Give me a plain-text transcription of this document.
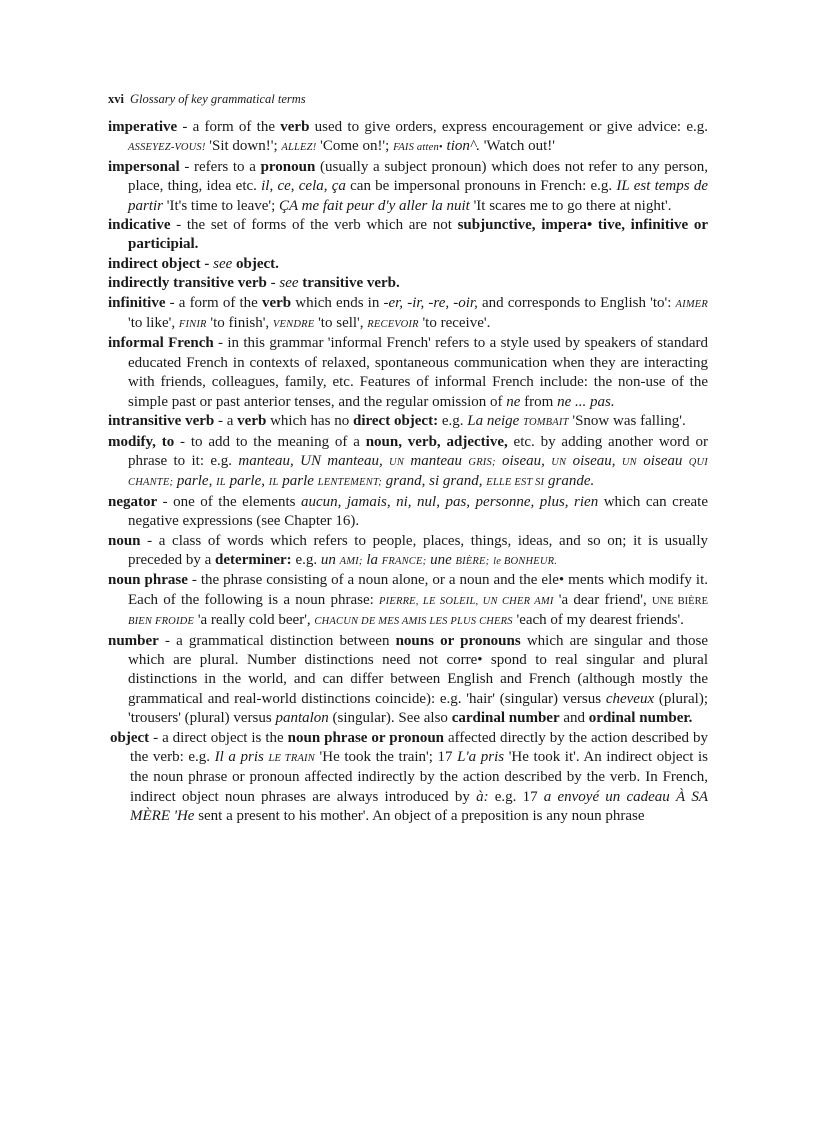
xvi Glossary of key grammatical terms

imperative - a form of the verb used to give orders, express encouragement or give advice: e.g. ASSEYEZ-VOUS! 'Sit down!'; ALLEZ! 'Come on!'; FAIS atten• tion^. 'Watch out!'

impersonal - refers to a pronoun (usually a subject pronoun) which does not refer to any person, place, thing, idea etc. il, ce, cela, ça can be impersonal pronouns in French: e.g. IL est temps de partir 'It's time to leave'; ÇA me fait peur d'y aller la nuit 'It scares me to go there at night'.

indicative - the set of forms of the verb which are not subjunctive, impera• tive, infinitive or participial.

indirect object - see object.

indirectly transitive verb - see transitive verb.

infinitive - a form of the verb which ends in -er, -ir, -re, -oir, and corresponds to English 'to': AIMER 'to like', FINIR 'to finish', VENDRE 'to sell', RECEVOIR 'to receive'.

informal French - in this grammar 'informal French' refers to a style used by speakers of standard educated French in contexts of relaxed, spontaneous communication when they are interacting with friends, colleagues, family, etc. Features of informal French include: the non-use of the simple past or past anterior tenses, and the regular omission of ne from ne ... pas.

intransitive verb - a verb which has no direct object: e.g. La neige TOMBAIT 'Snow was falling'.

modify, to - to add to the meaning of a noun, verb, adjective, etc. by adding another word or phrase to it: e.g. manteau, UN manteau, UN manteau GRIS; oiseau, UN oiseau, UN oiseau QUI CHANTE; parle, IL parle, IL parle LENTEMENT; grand, si grand, ELLE EST SI grande.

negator - one of the elements aucun, jamais, ni, nul, pas, personne, plus, rien which can create negative expressions (see Chapter 16).

noun - a class of words which refers to people, places, things, ideas, and so on; it is usually preceded by a determiner: e.g. un AMI; la FRANCE; une BIÈRE; le BONHEUR.

noun phrase - the phrase consisting of a noun alone, or a noun and the ele• ments which modify it. Each of the following is a noun phrase: PIERRE, LE SOLEIL, UN CHER AMI 'a dear friend', UNE BIÈRE BIEN FROIDE 'a really cold beer', CHACUN DE MES AMIS LES PLUS CHERS 'each of my dearest friends'.

number - a grammatical distinction between nouns or pronouns which are singular and those which are plural. Number distinctions need not corre• spond to real singular and plural distinctions in the world, and can differ between English and French (although mostly the grammatical and real-world distinctions coincide): e.g. 'hair' (singular) versus cheveux (plural); 'trousers' (plural) versus pantalon (singular). See also cardinal number and ordinal number.

object - a direct object is the noun phrase or pronoun affected directly by the action described by the verb: e.g. Il a pris LE TRAIN 'He took the train'; 17 L'a pris 'He took it'. An indirect object is the noun phrase or pronoun affected indirectly by the action described by the verb. In French, indirect object noun phrases are always introduced by à: e.g. 17 a envoyé un cadeau À SA MÈRE 'He sent a present to his mother'. An object of a preposition is any noun phrase
